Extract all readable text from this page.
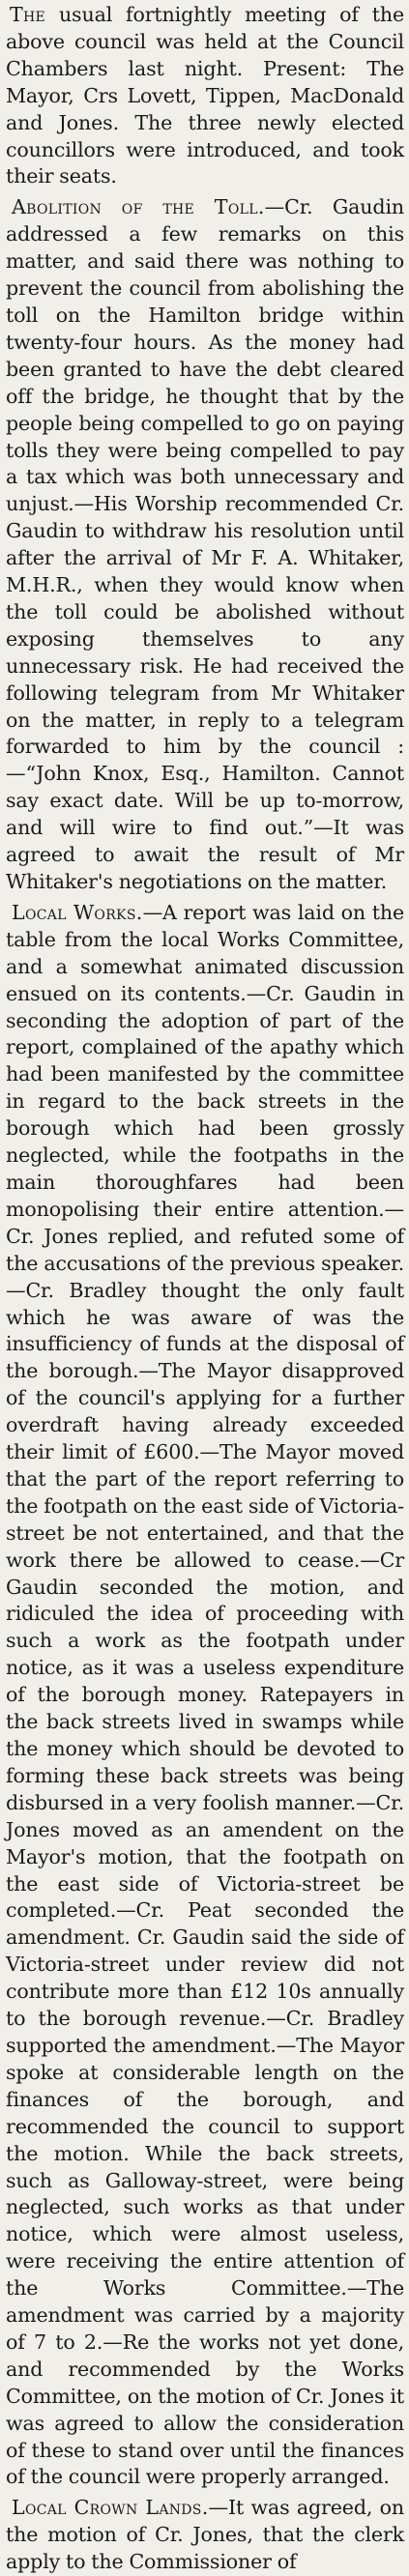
The usual fortnightly meeting of the above council was held at the Council Chambers last night. Present: The Mayor, Crs Lovett, Tippen, MacDonald and Jones. The three newly elected councillors were introduced, and took their seats.

Abolition of the Toll.—Cr. Gaudin addressed a few remarks on this matter, and said there was nothing to prevent the council from abolishing the toll on the Hamilton bridge within twenty-four hours. As the money had been granted to have the debt cleared off the bridge, he thought that by the people being compelled to go on paying tolls they were being compelled to pay a tax which was both unnecessary and unjust.—His Worship recommended Cr. Gaudin to withdraw his resolution until after the arrival of Mr F. A. Whitaker, M.H.R., when they would know when the toll could be abolished without exposing themselves to any unnecessary risk. He had received the following telegram from Mr Whitaker on the matter, in reply to a telegram forwarded to him by the council :—“John Knox, Esq., Hamilton. Cannot say exact date. Will be up to-morrow, and will wire to find out.”—It was agreed to await the result of Mr Whitaker's negotiations on the matter.

Local Works.—A report was laid on the table from the local Works Committee, and a somewhat animated discussion ensued on its contents.—Cr. Gaudin in seconding the adoption of part of the report, complained of the apathy which had been manifested by the committee in regard to the back streets in the borough which had been grossly neglected, while the footpaths in the main thoroughfares had been monopolising their entire attention.—Cr. Jones replied, and refuted some of the accusations of the previous speaker.—Cr. Bradley thought the only fault which he was aware of was the insufficiency of funds at the disposal of the borough.—The Mayor disapproved of the council's applying for a further overdraft having already exceeded their limit of £600.—The Mayor moved that the part of the report referring to the footpath on the east side of Victoria-street be not entertained, and that the work there be allowed to cease.—Cr Gaudin seconded the motion, and ridiculed the idea of proceeding with such a work as the footpath under notice, as it was a useless expenditure of the borough money. Ratepayers in the back streets lived in swamps while the money which should be devoted to forming these back streets was being disbursed in a very foolish manner.—Cr. Jones moved as an amendent on the Mayor's motion, that the footpath on the east side of Victoria-street be completed.—Cr. Peat seconded the amendment. Cr. Gaudin said the side of Victoria-street under review did not contribute more than £12 10s annually to the borough revenue.—Cr. Bradley supported the amendment.—The Mayor spoke at considerable length on the finances of the borough, and recommended the council to support the motion. While the back streets, such as Galloway-street, were being neglected, such works as that under notice, which were almost useless, were receiving the entire attention of the Works Committee.—The amendment was carried by a majority of 7 to 2.—Re the works not yet done, and recommended by the Works Committee, on the motion of Cr. Jones it was agreed to allow the consideration of these to stand over until the finances of the council were properly arranged.

Local Crown Lands.—It was agreed, on the motion of Cr. Jones, that the clerk apply to the Commissioner of
